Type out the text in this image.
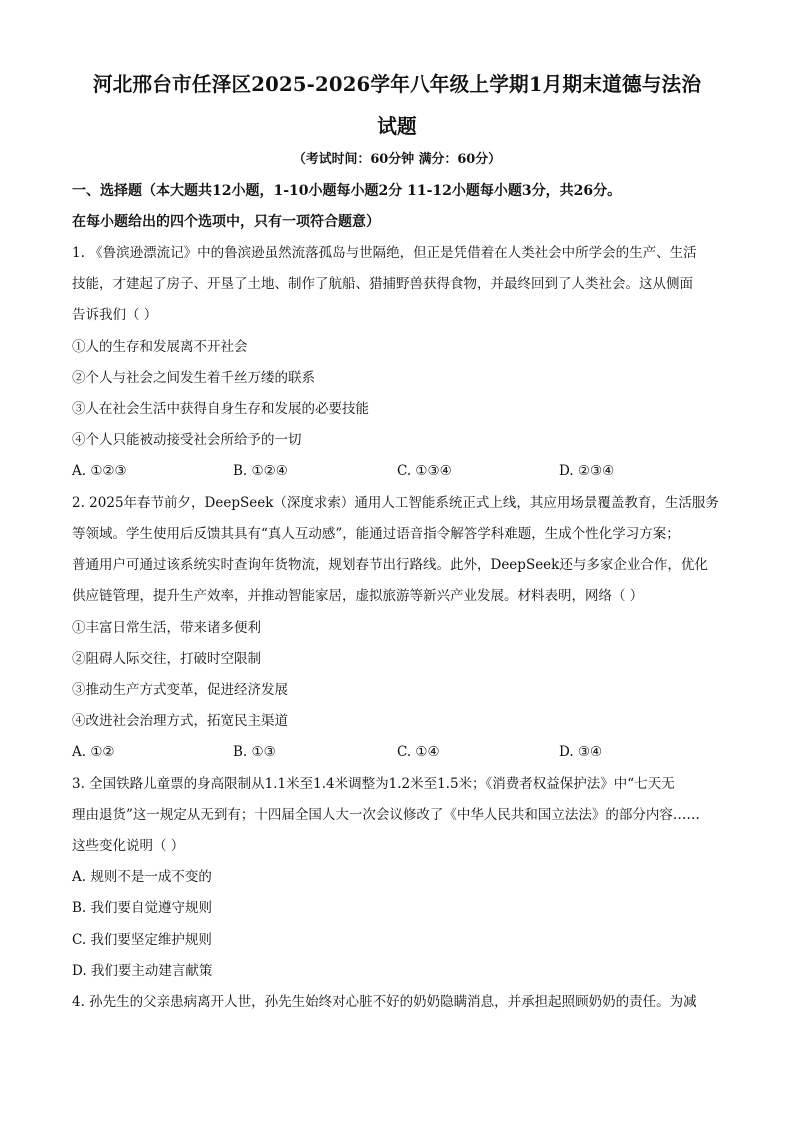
河北邢台市任泽区2025-2026学年八年级上学期1月期末道德与法治
试题
（考试时间：60分钟 满分：60分）
一、选择题（本大题共12小题，1-10小题每小题2分 11-12小题每小题3分，共26分。
在每小题给出的四个选项中，只有一项符合题意）
1. 《鲁滨逊漂流记》中的鲁滨逊虽然流落孤岛与世隔绝，但正是凭借着在人类社会中所学会的生产、生活
技能，才建起了房子、开垦了土地、制作了航船、猎捕野兽获得食物，并最终回到了人类社会。这从侧面
告诉我们（ ）
①人的生存和发展离不开社会
②个人与社会之间发生着千丝万缕的联系
③人在社会生活中获得自身生存和发展的必要技能
④个人只能被动接受社会所给予的一切
A. ①②③	B. ①②④	C. ①③④	D. ②③④
2. 2025年春节前夕，DeepSeek（深度求索）通用人工智能系统正式上线，其应用场景覆盖教育，生活服务
等领域。学生使用后反馈其具有“真人互动感”，能通过语音指令解答学科难题，生成个性化学习方案；
普通用户可通过该系统实时查询年货物流，规划春节出行路线。此外，DeepSeek还与多家企业合作，优化
供应链管理，提升生产效率，并推动智能家居，虚拟旅游等新兴产业发展。材料表明，网络（ ）
①丰富日常生活，带来诸多便利
②阻碍人际交往，打破时空限制
③推动生产方式变革，促进经济发展
④改进社会治理方式，拓宽民主渠道
A. ①②	B. ①③	C. ①④	D. ③④
3. 全国铁路儿童票的身高限制从1.1米至1.4米调整为1.2米至1.5米；《消费者权益保护法》中“七天无
理由退货”这一规定从无到有；十四届全国人大一次会议修改了《中华人民共和国立法法》的部分内容……
这些变化说明（ ）
A. 规则不是一成不变的
B. 我们要自觉遵守规则
C. 我们要坚定维护规则
D. 我们要主动建言献策
4. 孙先生的父亲患病离开人世，孙先生始终对心脏不好的奶奶隐瞒消息，并承担起照顾奶奶的责任。为减
